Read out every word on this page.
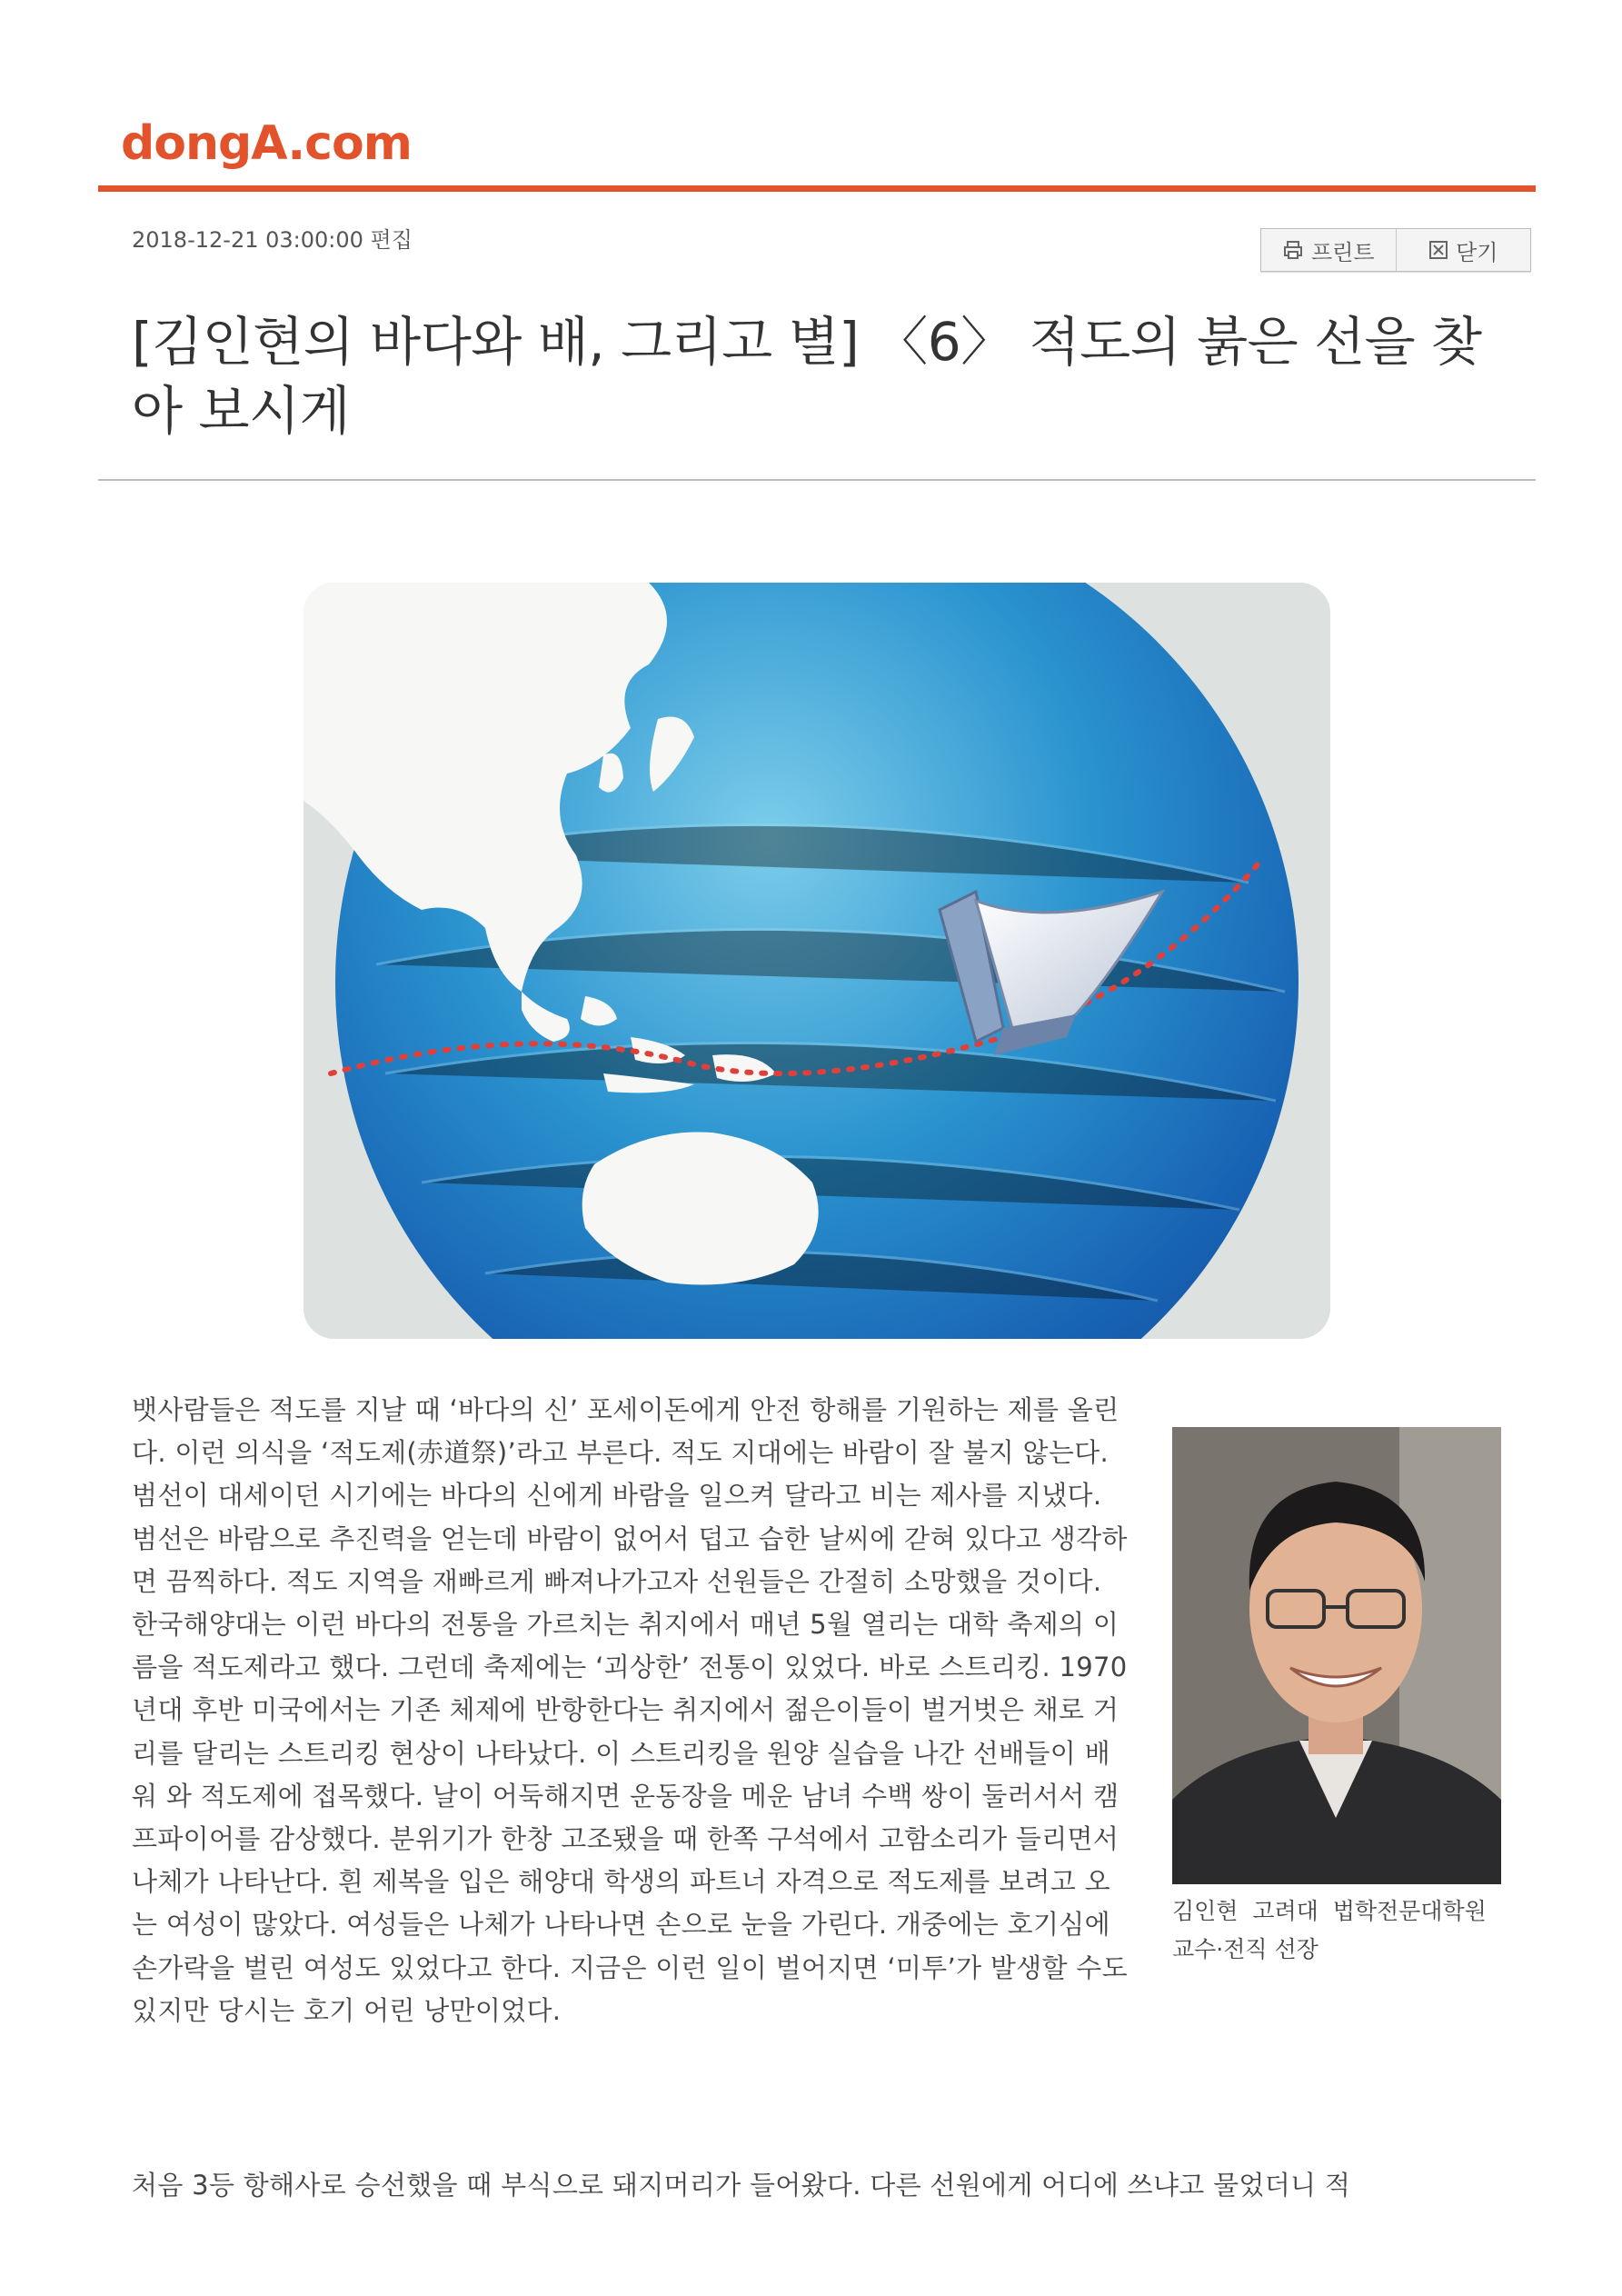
dongA.com
2018-12-21 03:00:00 편집	프린트	닫기
[김인현의 바다와 배, 그리고 별] 〈6〉 적도의 붉은 선을 찾아 보시게

뱃사람들은 적도를 지날 때 ‘바다의 신’ 포세이돈에게 안전 항해를 기원하는 제를 올린다. 이런 의식을 ‘적도제(赤道祭)’라고 부른다. 적도 지대에는 바람이 잘 불지 않는다. 범선이 대세이던 시기에는 바다의 신에게 바람을 일으켜 달라고 비는 제사를 지냈다. 범선은 바람으로 추진력을 얻는데 바람이 없어서 덥고 습한 날씨에 갇혀 있다고 생각하면 끔찍하다. 적도 지역을 재빠르게 빠져나가고자 선원들은 간절히 소망했을 것이다.

한국해양대는 이런 바다의 전통을 가르치는 취지에서 매년 5월 열리는 대학 축제의 이름을 적도제라고 했다. 그런데 축제에는 ‘괴상한’ 전통이 있었다. 바로 스트리킹. 1970년대 후반 미국에서는 기존 체제에 반항한다는 취지에서 젊은이들이 벌거벗은 채로 거리를 달리는 스트리킹 현상이 나타났다. 이 스트리킹을 원양 실습을 나간 선배들이 배워 와 적도제에 접목했다. 날이 어둑해지면 운동장을 메운 남녀 수백 쌍이 둘러서서 캠프파이어를 감상했다. 분위기가 한창 고조됐을 때 한쪽 구석에서 고함소리가 들리면서 나체가 나타난다. 흰 제복을 입은 해양대 학생의 파트너 자격으로 적도제를 보려고 오는 여성이 많았다. 여성들은 나체가 나타나면 손으로 눈을 가린다. 개중에는 호기심에 손가락을 벌린 여성도 있었다고 한다. 지금은 이런 일이 벌어지면 ‘미투’가 발생할 수도 있지만 당시는 호기 어린 낭만이었다.

김인현  고려대  법학전문대학원
교수·전직 선장

처음 3등 항해사로 승선했을 때 부식으로 돼지머리가 들어왔다. 다른 선원에게 어디에 쓰냐고 물었더니 적
